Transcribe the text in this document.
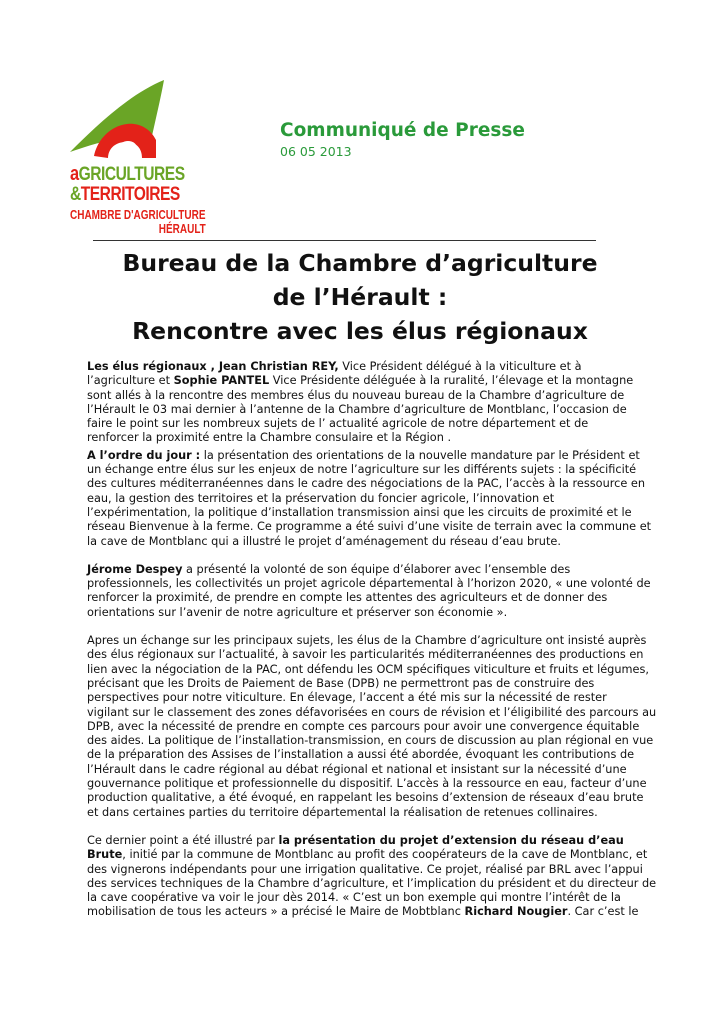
aGRICULTURES

&TERRITOIRES

CHAMBRE D'AGRICULTURE

HÉRAULT

Communiqué de Presse

06 05 2013

Bureau de la Chambre d’agriculture
de l’Hérault :
Rencontre avec les élus régionaux

Les élus régionaux , Jean Christian REY, Vice Président délégué à la viticulture et à
l’agriculture et Sophie PANTEL Vice Présidente déléguée à la ruralité, l’élevage et la montagne
sont allés à la rencontre des membres élus du nouveau bureau de la Chambre d’agriculture de
l’Hérault le 03 mai dernier à l’antenne de la Chambre d’agriculture de Montblanc, l’occasion de
faire le point sur les nombreux sujets de l’ actualité agricole de notre département et de
renforcer la proximité entre la Chambre consulaire et la Région .

A l’ordre du jour : la présentation des orientations de la nouvelle mandature par le Président et
un échange entre élus sur les enjeux de notre l’agriculture sur les différents sujets : la spécificité
des cultures méditerranéennes dans le cadre des négociations de la PAC, l’accès à la ressource en
eau, la gestion des territoires et la préservation du foncier agricole, l’innovation et
l’expérimentation, la politique d’installation transmission ainsi que les circuits de proximité et le
réseau Bienvenue à la ferme. Ce programme a été suivi d’une visite de terrain avec la commune et
la cave de Montblanc qui a illustré le projet d’aménagement du réseau d’eau brute.

Jérome Despey a présenté la volonté de son équipe d’élaborer avec l’ensemble des
professionnels, les collectivités un projet agricole départemental à l’horizon 2020, « une volonté de
renforcer la proximité, de prendre en compte les attentes des agriculteurs et de donner des
orientations sur l’avenir de notre agriculture et préserver son économie ».

Apres un échange sur les principaux sujets, les élus de la Chambre d’agriculture ont insisté auprès
des élus régionaux sur l’actualité, à savoir les particularités méditerranéennes des productions en
lien avec la négociation de la PAC, ont défendu les OCM spécifiques viticulture et fruits et légumes,
précisant que les Droits de Paiement de Base (DPB) ne permettront pas de construire des
perspectives pour notre viticulture. En élevage, l’accent a été mis sur la nécessité de rester
vigilant sur le classement des zones défavorisées en cours de révision et l’éligibilité des parcours au
DPB, avec la nécessité de prendre en compte ces parcours pour avoir une convergence équitable
des aides. La politique de l’installation-transmission, en cours de discussion au plan régional en vue
de la préparation des Assises de l’installation a aussi été abordée, évoquant les contributions de
l’Hérault dans le cadre régional au débat régional et national et insistant sur la nécessité d’une
gouvernance politique et professionnelle du dispositif. L’accès à la ressource en eau, facteur d’une
production qualitative, a été évoqué, en rappelant les besoins d’extension de réseaux d’eau brute
et dans certaines parties du territoire départemental la réalisation de retenues collinaires.

Ce dernier point a été illustré par la présentation du projet d’extension du réseau d’eau
Brute, initié par la commune de Montblanc au profit des coopérateurs de la cave de Montblanc, et
des vignerons indépendants pour une irrigation qualitative. Ce projet, réalisé par BRL avec l’appui
des services techniques de la Chambre d’agriculture, et l’implication du président et du directeur de
la cave coopérative va voir le jour dès 2014. « C’est un bon exemple qui montre l’intérêt de la
mobilisation de tous les acteurs » a précisé le Maire de Mobtblanc Richard Nougier. Car c’est le
